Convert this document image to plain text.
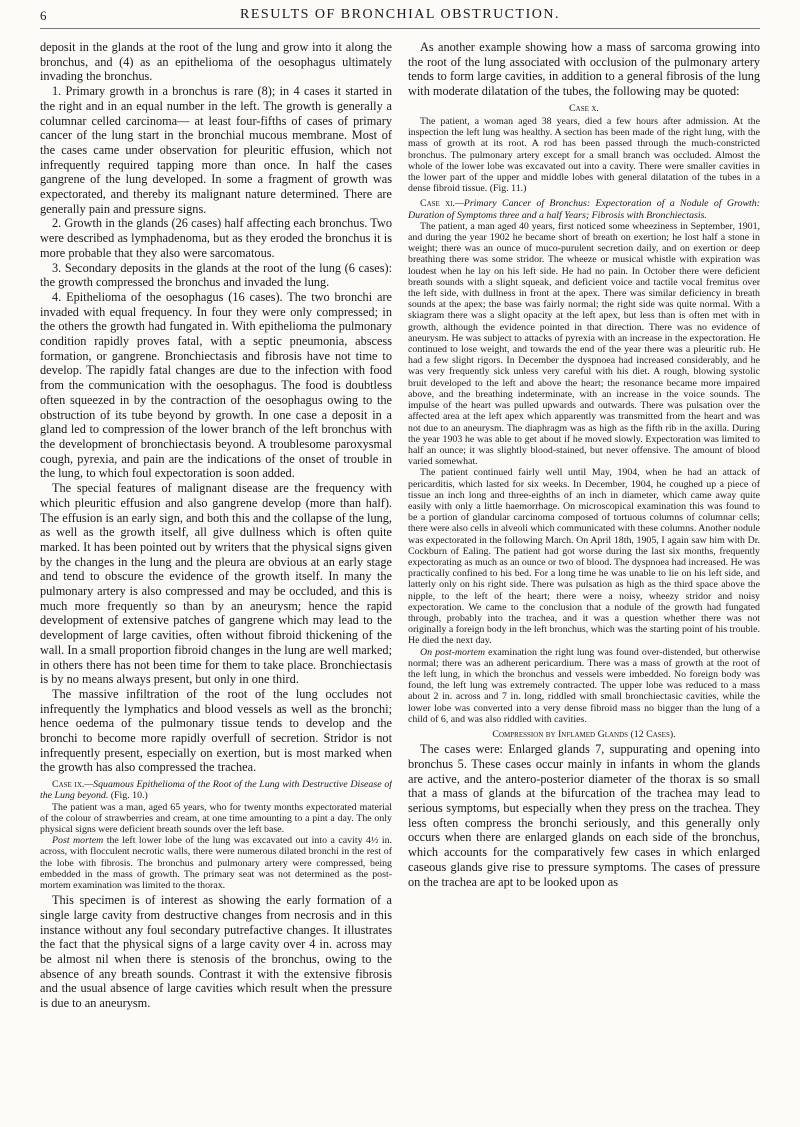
6	RESULTS OF BRONCHIAL OBSTRUCTION.

deposit in the glands at the root of the lung and grow into it along the bronchus, and (4) as an epithelioma of the oesophagus ultimately invading the bronchus.

1. Primary growth in a bronchus is rare (8); in 4 cases it started in the right and in an equal number in the left. The growth is generally a columnar celled carcinoma— at least four-fifths of cases of primary cancer of the lung start in the bronchial mucous membrane. Most of the cases came under observation for pleuritic effusion, which not infrequently required tapping more than once. In half the cases gangrene of the lung developed. In some a fragment of growth was expectorated, and thereby its malignant nature determined. There are generally pain and pressure signs.

2. Growth in the glands (26 cases) half affecting each bronchus. Two were described as lymphadenoma, but as they eroded the bronchus it is more probable that they also were sarcomatous.

3. Secondary deposits in the glands at the root of the lung (6 cases): the growth compressed the bronchus and invaded the lung.

4. Epithelioma of the oesophagus (16 cases). The two bronchi are invaded with equal frequency. In four they were only compressed; in the others the growth had fungated in. With epithelioma the pulmonary condition rapidly proves fatal, with a septic pneumonia, abscess formation, or gangrene. Bronchiectasis and fibrosis have not time to develop. The rapidly fatal changes are due to the infection with food from the communication with the oesophagus. The food is doubtless often squeezed in by the contraction of the oesophagus owing to the obstruction of its tube beyond by growth. In one case a deposit in a gland led to compression of the lower branch of the left bronchus with the development of bronchiectasis beyond. A troublesome paroxysmal cough, pyrexia, and pain are the indications of the onset of trouble in the lung, to which foul expectoration is soon added.

The special features of malignant disease are the frequency with which pleuritic effusion and also gangrene develop (more than half). The effusion is an early sign, and both this and the collapse of the lung, as well as the growth itself, all give dullness which is often quite marked. It has been pointed out by writers that the physical signs given by the changes in the lung and the pleura are obvious at an early stage and tend to obscure the evidence of the growth itself. In many the pulmonary artery is also compressed and may be occluded, and this is much more frequently so than by an aneurysm; hence the rapid development of extensive patches of gangrene which may lead to the development of large cavities, often without fibroid thickening of the wall. In a small proportion fibroid changes in the lung are well marked; in others there has not been time for them to take place. Bronchiectasis is by no means always present, but only in one third.

The massive infiltration of the root of the lung occludes not infrequently the lymphatics and blood vessels as well as the bronchi; hence oedema of the pulmonary tissue tends to develop and the bronchi to become more rapidly overfull of secretion. Stridor is not infrequently present, especially on exertion, but is most marked when the growth has also compressed the trachea.

Case ix.—Squamous Epithelioma of the Root of the Lung with Destructive Disease of the Lung beyond. (Fig. 10.)

The patient was a man, aged 65 years, who for twenty months expectorated material of the colour of strawberries and cream, at one time amounting to a pint a day. The only physical signs were deficient breath sounds over the left base.

Post mortem the left lower lobe of the lung was excavated out into a cavity 4½ in. across, with flocculent necrotic walls, there were numerous dilated bronchi in the rest of the lobe with fibrosis. The bronchus and pulmonary artery were compressed, being embedded in the mass of growth. The primary seat was not determined as the post-mortem examination was limited to the thorax.

This specimen is of interest as showing the early formation of a single large cavity from destructive changes from necrosis and in this instance without any foul secondary putrefactive changes. It illustrates the fact that the physical signs of a large cavity over 4 in. across may be almost nil when there is stenosis of the bronchus, owing to the absence of any breath sounds. Contrast it with the extensive fibrosis and the usual absence of large cavities which result when the pressure is due to an aneurysm.

As another example showing how a mass of sarcoma growing into the root of the lung associated with occlusion of the pulmonary artery tends to form large cavities, in addition to a general fibrosis of the lung with moderate dilatation of the tubes, the following may be quoted:

Case x.

The patient, a woman aged 38 years, died a few hours after admission. At the inspection the left lung was healthy. A section has been made of the right lung, with the mass of growth at its root. A rod has been passed through the much-constricted bronchus. The pulmonary artery except for a small branch was occluded. Almost the whole of the lower lobe was excavated out into a cavity. There were smaller cavities in the lower part of the upper and middle lobes with general dilatation of the tubes in a dense fibroid tissue. (Fig. 11.)

Case xi.—Primary Cancer of Bronchus: Expectoration of a Nodule of Growth: Duration of Symptoms three and a half Years; Fibrosis with Bronchiectasis.

The patient, a man aged 40 years, first noticed some wheeziness in September, 1901, and during the year 1902 he became short of breath on exertion; he lost half a stone in weight; there was an ounce of muco-purulent secretion daily, and on exertion or deep breathing there was some stridor. The wheeze or musical whistle with expiration was loudest when he lay on his left side. He had no pain. In October there were deficient breath sounds with a slight squeak, and deficient voice and tactile vocal fremitus over the left side, with dullness in front at the apex. There was similar deficiency in breath sounds at the apex; the base was fairly normal; the right side was quite normal. With a skiagram there was a slight opacity at the left apex, but less than is often met with in growth, although the evidence pointed in that direction. There was no evidence of aneurysm. He was subject to attacks of pyrexia with an increase in the expectoration. He continued to lose weight, and towards the end of the year there was a pleuritic rub. He had a few slight rigors. In December the dyspnoea had increased considerably, and he was very frequently sick unless very careful with his diet. A rough, blowing systolic bruit developed to the left and above the heart; the resonance became more impaired above, and the breathing indeterminate, with an increase in the voice sounds. The impulse of the heart was pulled upwards and outwards. There was pulsation over the affected area at the left apex which apparently was transmitted from the heart and was not due to an aneurysm. The diaphragm was as high as the fifth rib in the axilla. During the year 1903 he was able to get about if he moved slowly. Expectoration was limited to half an ounce; it was slightly blood-stained, but never offensive. The amount of blood varied somewhat.

The patient continued fairly well until May, 1904, when he had an attack of pericarditis, which lasted for six weeks. In December, 1904, he coughed up a piece of tissue an inch long and three-eighths of an inch in diameter, which came away quite easily with only a little haemorrhage. On microscopical examination this was found to be a portion of glandular carcinoma composed of tortuous columns of columnar cells; there were also cells in alveoli which communicated with these columns. Another nodule was expectorated in the following March. On April 18th, 1905, I again saw him with Dr. Cockburn of Ealing. The patient had got worse during the last six months, frequently expectorating as much as an ounce or two of blood. The dyspnoea had increased. He was practically confined to his bed. For a long time he was unable to lie on his left side, and latterly only on his right side. There was pulsation as high as the third space above the nipple, to the left of the heart; there were a noisy, wheezy stridor and noisy expectoration. We came to the conclusion that a nodule of the growth had fungated through, probably into the trachea, and it was a question whether there was not originally a foreign body in the left bronchus, which was the starting point of his trouble. He died the next day.

On post-mortem examination the right lung was found over-distended, but otherwise normal; there was an adherent pericardium. There was a mass of growth at the root of the left lung, in which the bronchus and vessels were imbedded. No foreign body was found, the left lung was extremely contracted. The upper lobe was reduced to a mass about 2 in. across and 7 in. long, riddled with small bronchiectasic cavities, while the lower lobe was converted into a very dense fibroid mass no bigger than the lung of a child of 6, and was also riddled with cavities.

Compression by Inflamed Glands (12 Cases).

The cases were: Enlarged glands 7, suppurating and opening into bronchus 5. These cases occur mainly in infants in whom the glands are active, and the antero-posterior diameter of the thorax is so small that a mass of glands at the bifurcation of the trachea may lead to serious symptoms, but especially when they press on the trachea. They less often compress the bronchi seriously, and this generally only occurs when there are enlarged glands on each side of the bronchus, which accounts for the comparatively few cases in which enlarged caseous glands give rise to pressure symptoms. The cases of pressure on the trachea are apt to be looked upon as
